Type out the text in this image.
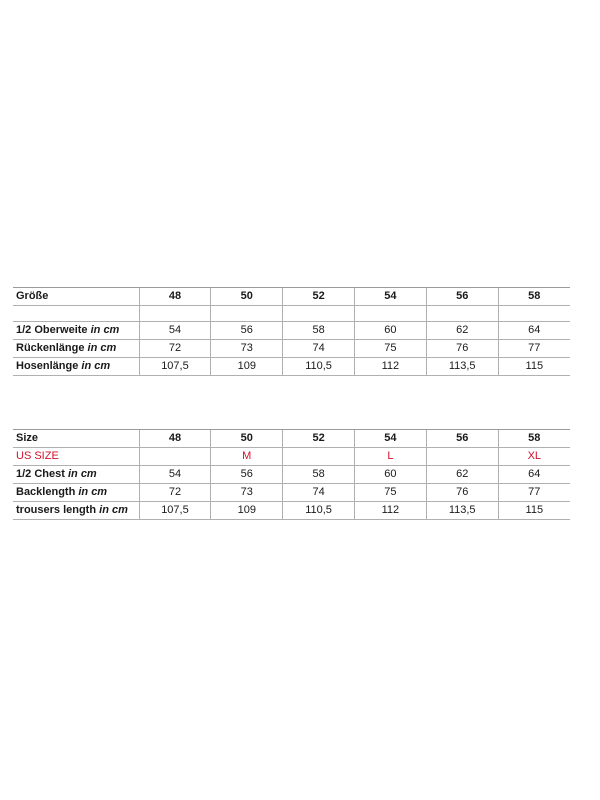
Größe	48	50	52	54	56	58

1/2 Oberweite in cm	54	56	58	60	62	64
Rückenlänge in cm	72	73	74	75	76	77
Hosenlänge in cm	107,5	109	110,5	112	113,5	115
Size	48	50	52	54	56	58
US SIZE		M		L		XL
1/2 Chest in cm	54	56	58	60	62	64
Backlength in cm	72	73	74	75	76	77
trousers length in cm	107,5	109	110,5	112	113,5	115
